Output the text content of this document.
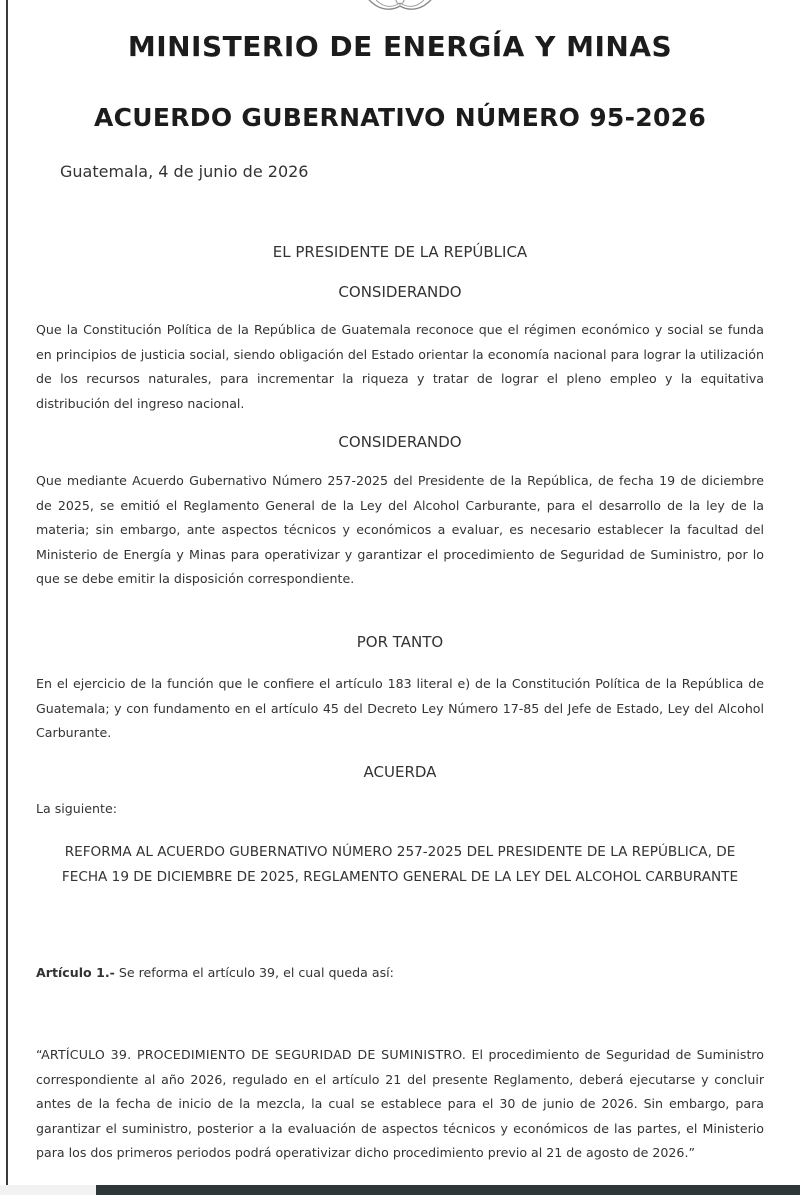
MINISTERIO DE ENERGÍA Y MINAS
ACUERDO GUBERNATIVO NÚMERO 95-2026
Guatemala, 4 de junio de 2026
EL PRESIDENTE DE LA REPÚBLICA
CONSIDERANDO
Que la Constitución Política de la República de Guatemala reconoce que el régimen económico y social se funda en principios de justicia social, siendo obligación del Estado orientar la economía nacional para lograr la utilización de los recursos naturales, para incrementar la riqueza y tratar de lograr el pleno empleo y la equitativa distribución del ingreso nacional.
CONSIDERANDO
Que mediante Acuerdo Gubernativo Número 257-2025 del Presidente de la República, de fecha 19 de diciembre de 2025, se emitió el Reglamento General de la Ley del Alcohol Carburante, para el desarrollo de la ley de la materia; sin embargo, ante aspectos técnicos y económicos a evaluar, es necesario establecer la facultad del Ministerio de Energía y Minas para operativizar y garantizar el procedimiento de Seguridad de Suministro, por lo que se debe emitir la disposición correspondiente.
POR TANTO
En el ejercicio de la función que le confiere el artículo 183 literal e) de la Constitución Política de la República de Guatemala; y con fundamento en el artículo 45 del Decreto Ley Número 17-85 del Jefe de Estado, Ley del Alcohol Carburante.
ACUERDA
La siguiente:
REFORMA AL ACUERDO GUBERNATIVO NÚMERO 257-2025 DEL PRESIDENTE DE LA REPÚBLICA, DE FECHA 19 DE DICIEMBRE DE 2025, REGLAMENTO GENERAL DE LA LEY DEL ALCOHOL CARBURANTE
Artículo 1.- Se reforma el artículo 39, el cual queda así:
“ARTÍCULO 39. PROCEDIMIENTO DE SEGURIDAD DE SUMINISTRO. El procedimiento de Seguridad de Suministro correspondiente al año 2026, regulado en el artículo 21 del presente Reglamento, deberá ejecutarse y concluir antes de la fecha de inicio de la mezcla, la cual se establece para el 30 de junio de 2026. Sin embargo, para garantizar el suministro, posterior a la evaluación de aspectos técnicos y económicos de las partes, el Ministerio para los dos primeros periodos podrá operativizar dicho procedimiento previo al 21 de agosto de 2026.”
